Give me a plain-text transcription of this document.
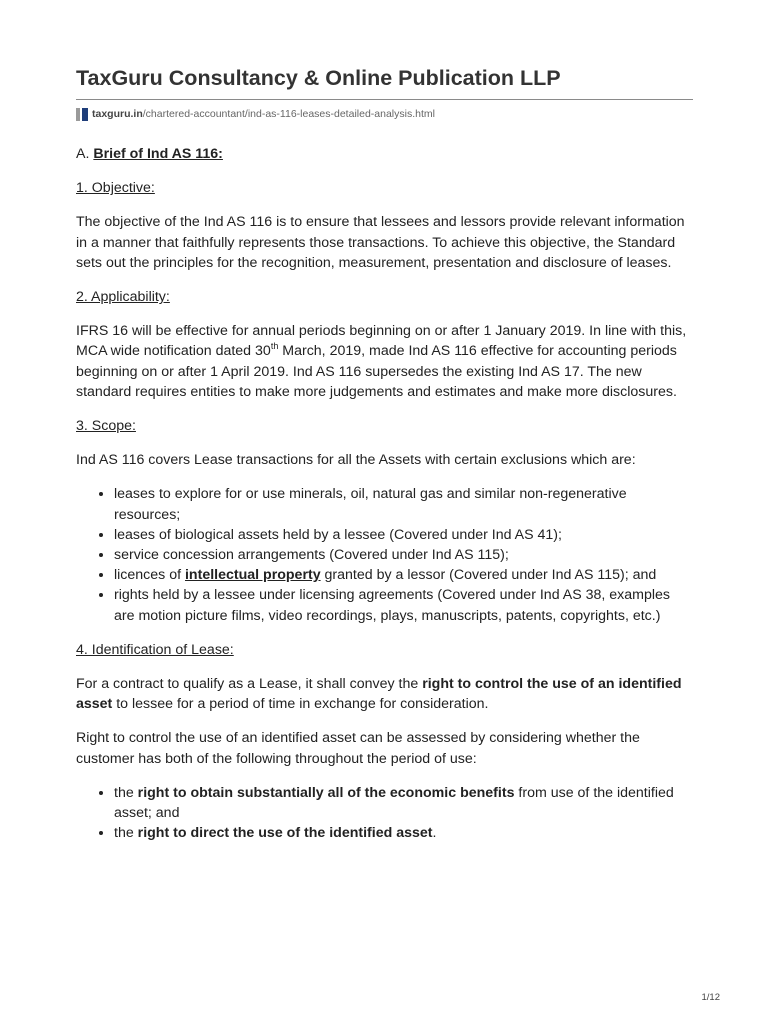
TaxGuru Consultancy & Online Publication LLP
taxguru.in /chartered-accountant/ind-as-116-leases-detailed-analysis.html
A. Brief of Ind AS 116:
1. Objective:

The objective of the Ind AS 116 is to ensure that lessees and lessors provide relevant information in a manner that faithfully represents those transactions. To achieve this objective, the Standard sets out the principles for the recognition, measurement, presentation and disclosure of leases.

2. Applicability:

IFRS 16 will be effective for annual periods beginning on or after 1 January 2019. In line with this, MCA wide notification dated 30th March, 2019, made Ind AS 116 effective for accounting periods beginning on or after 1 April 2019. Ind AS 116 supersedes the existing Ind AS 17. The new standard requires entities to make more judgements and estimates and make more disclosures.

3. Scope:

Ind AS 116 covers Lease transactions for all the Assets with certain exclusions which are:

• leases to explore for or use minerals, oil, natural gas and similar non-regenerative resources;
• leases of biological assets held by a lessee (Covered under Ind AS 41);
• service concession arrangements (Covered under Ind AS 115);
• licences of intellectual property granted by a lessor (Covered under Ind AS 115); and
• rights held by a lessee under licensing agreements (Covered under Ind AS 38, examples are motion picture films, video recordings, plays, manuscripts, patents, copyrights, etc.)
4. Identification of Lease:

For a contract to qualify as a Lease, it shall convey the right to control the use of an identified asset to lessee for a period of time in exchange for consideration.

Right to control the use of an identified asset can be assessed by considering whether the customer has both of the following throughout the period of use:

• the right to obtain substantially all of the economic benefits from use of the identified asset; and
• the right to direct the use of the identified asset.
1/12
